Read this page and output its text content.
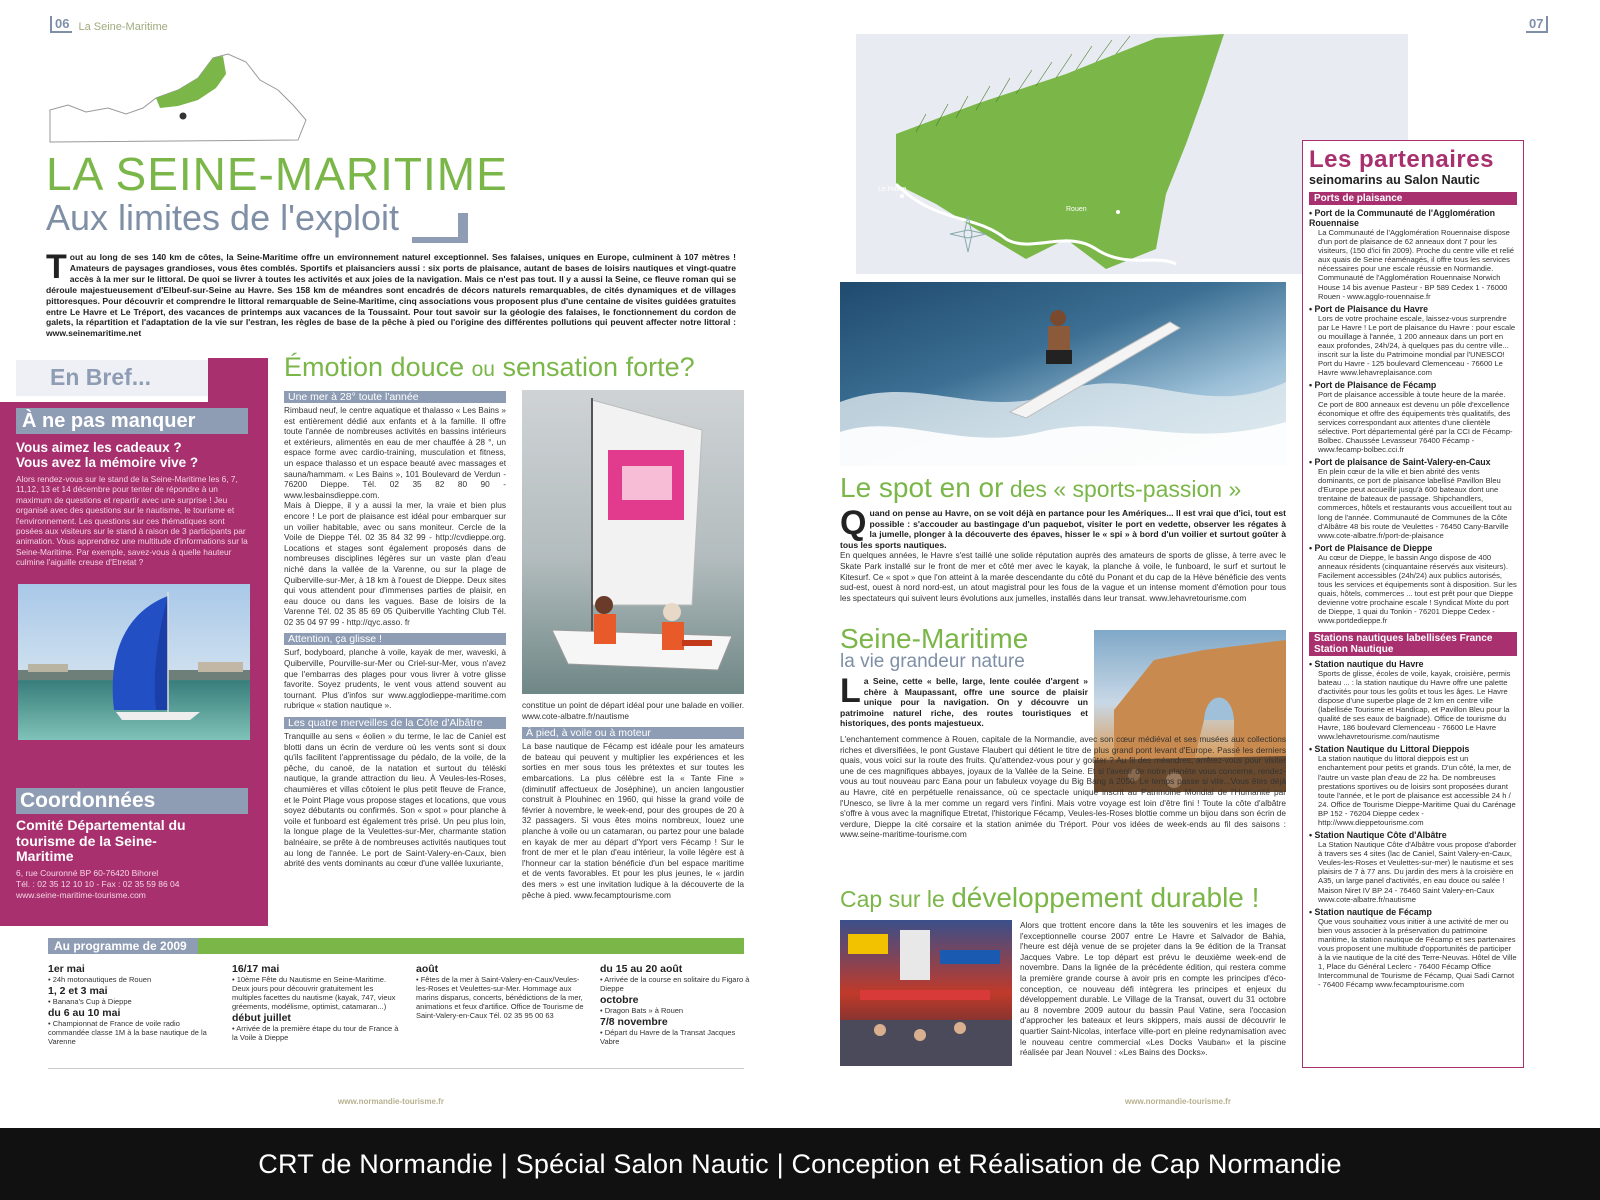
06 La Seine-Maritime
LA SEINE-MARITIME
Aux limites de l'exploit
T out au long de ses 140 km de côtes, la Seine-Maritime offre un environnement naturel exceptionnel. Ses falaises, uniques en Europe, culminent à 107 mètres ! Amateurs de paysages grandioses, vous êtes comblés. Sportifs et plaisanciers aussi : six ports de plaisance, autant de bases de loisirs nautiques et vingt-quatre accès à la mer sur le littoral. De quoi se livrer à toutes les activités et aux joies de la navigation. Mais ce n'est pas tout. Il y a aussi la Seine, ce fleuve roman qui se déroule majestueusement d'Elbeuf-sur-Seine au Havre. Ses 158 km de méandres sont encadrés de décors naturels remarquables, de cités dynamiques et de villages pittoresques. Pour découvrir et comprendre le littoral remarquable de Seine-Maritime, cinq associations vous proposent plus d'une centaine de visites guidées gratuites entre Le Havre et Le Tréport, des vacances de printemps aux vacances de la Toussaint. Pour tout savoir sur la géologie des falaises, le fonctionnement du cordon de galets, la répartition et l'adaptation de la vie sur l'estran, les règles de base de la pêche à pied ou l'origine des différentes pollutions qui peuvent affecter notre littoral : www.seinemaritime.net
En Bref...
À ne pas manquer
Vous aimez les cadeaux ? Vous avez la mémoire vive ?
Alors rendez-vous sur le stand de la Seine-Maritime les 6, 7, 11,12, 13 et 14 décembre pour tenter de répondre à un maximum de questions et repartir avec une surprise ! Jeu organisé avec des questions sur le nautisme, le tourisme et l'environnement. Les questions sur ces thématiques sont posées aux visiteurs sur le stand à raison de 3 participants par animation. Vous apprendrez une multitude d'informations sur la Seine-Maritime. Par exemple, savez-vous à quelle hauteur culmine l'aiguille creuse d'Etretat ?
Coordonnées
Comité Départemental du tourisme de la Seine-Maritime
6, rue Couronné BP 60-76420 Bihorel
Tél. : 02 35 12 10 10 - Fax : 02 35 59 86 04
www.seine-maritime-tourisme.com
Émotion douce ou sensation forte?
Une mer à 28° toute l'année

Rimbaud neuf, le centre aquatique et thalasso « Les Bains » est entièrement dédié aux enfants et à la famille. Il offre toute l'année de nombreuses activités en bassins intérieurs et extérieurs, alimentés en eau de mer chauffée à 28 °, un espace forme avec cardio-training, musculation et fitness, un espace thalasso et un espace beauté avec massages et sauna/hammam. « Les Bains », 101 Boulevard de Verdun - 76200 Dieppe. Tél. 02 35 82 80 90 - www.lesbainsdieppe.com.

Mais à Dieppe, il y a aussi la mer, la vraie et bien plus encore ! Le port de plaisance est idéal pour embarquer sur un voilier habitable, avec ou sans moniteur. Cercle de la Voile de Dieppe Tél. 02 35 84 32 99 - http://cvdieppe.org. Locations et stages sont également proposés dans de nombreuses disciplines légères sur un vaste plan d'eau niché dans la vallée de la Varenne, ou sur la plage de Quiberville-sur-Mer, à 18 km à l'ouest de Dieppe. Deux sites qui vous attendent pour d'immenses parties de plaisir, en eau douce ou dans les vagues. Base de loisirs de la Varenne Tél. 02 35 85 69 05 Quiberville Yachting Club Tél. 02 35 04 97 99 - http://qyc.asso. fr

Attention, ça glisse !

Surf, bodyboard, planche à voile, kayak de mer, waveski, à Quiberville, Pourville-sur-Mer ou Criel-sur-Mer, vous n'avez que l'embarras des plages pour vous livrer à votre glisse favorite. Soyez prudents, le vent vous attend souvent au tournant. Plus d'infos sur www.agglodieppe-maritime.com rubrique « station nautique ».

Les quatre merveilles de la Côte d'Albâtre

Tranquille au sens « éolien » du terme, le lac de Caniel est blotti dans un écrin de verdure où les vents sont si doux qu'ils facilitent l'apprentissage du pédalo, de la voile, de la pêche, du canoë, de la natation et surtout du téléski nautique, la grande attraction du lieu. À Veules-les-Roses, chaumières et villas côtoient le plus petit fleuve de France, et le Point Plage vous propose stages et locations, que vous soyez débutants ou confirmés. Son « spot » pour planche à voile et funboard est également très prisé. Un peu plus loin, la longue plage de la Veulettes-sur-Mer, charmante station balnéaire, se prête à de nombreuses activités nautiques tout au long de l'année. Le port de Saint-Valery-en-Caux, bien abrité des vents dominants au cœur d'une vallée luxuriante,

constitue un point de départ idéal pour une balade en voilier. www.cote-albatre.fr/nautisme

À pied, à voile ou à moteur

La base nautique de Fécamp est idéale pour les amateurs de bateau qui peuvent y multiplier les expériences et les sorties en mer sous tous les prétextes et sur toutes les embarcations. La plus célèbre est la « Tante Fine » (diminutif affectueux de Joséphine), un ancien langoustier construit à Plouhinec en 1960, qui hisse la grand voile de février à novembre, le week-end, pour des groupes de 20 à 32 passagers. Si vous êtes moins nombreux, louez une planche à voile ou un catamaran, ou partez pour une balade en kayak de mer au départ d'Yport vers Fécamp ! Sur le front de mer et le plan d'eau intérieur, la voile légère est à l'honneur car la station bénéficie d'un bel espace maritime et de vents favorables. Et pour les plus jeunes, le « jardin des mers » est une invitation ludique à la découverte de la pêche à pied. www.fecamptourisme.com

Au programme de 2009
1er mai
• 24h motonautiques de Rouen
1, 2 et 3 mai
• Banana's Cup à Dieppe
du 6 au 10 mai
• Championnat de France de voile radio commandée classe 1M à la base nautique de la Varenne
16/17 mai
• 10ème Fête du Nautisme en Seine-Maritime. Deux jours pour découvrir gratuitement les multiples facettes du nautisme (kayak, 747, vieux gréements, modélisme, optimist, catamaran...)
début juillet
• Arrivée de la première étape du tour de France à la Voile à Dieppe
août
• Fêtes de la mer à Saint-Valery-en-Caux/Veules-les-Roses et Veulettes-sur-Mer. Hommage aux marins disparus, concerts, bénédictions de la mer, animations et feux d'artifice. Office de Tourisme de Saint-Valery-en-Caux Tél. 02 35 95 00 63
du 15 au 20 août
• Arrivée de la course en solitaire du Figaro à Dieppe
octobre
• Dragon Bats » à Rouen
7/8 novembre
• Départ du Havre de la Transat Jacques Vabre
www.normandie-tourisme.fr
07
Le Havre
Rouen
Le spot en or des « sports-passion »
Q uand on pense au Havre, on se voit déjà en partance pour les Amériques... Il est vrai que d'ici, tout est possible : s'accouder au bastingage d'un paquebot, visiter le port en vedette, observer les régates à la jumelle, plonger à la découverte des épaves, hisser le « spi » à bord d'un voilier et surtout goûter à tous les sports nautiques.

En quelques années, le Havre s'est taillé une solide réputation auprès des amateurs de sports de glisse, à terre avec le Skate Park installé sur le front de mer et côté mer avec le kayak, la planche à voile, le funboard, le surf et surtout le Kitesurf. Ce « spot » que l'on atteint à la marée descendante du côté du Ponant et du cap de la Hève bénéficie des vents sud-est, ouest à nord nord-est, un atout magistral pour les fous de la vague et un intense moment d'émotion pour tous les spectateurs qui suivent leurs évolutions aux jumelles, installés dans leur transat. www.lehavretourisme.com

Seine-Maritime
la vie grandeur nature
L a Seine, cette « belle, large, lente coulée d'argent » chère à Maupassant, offre une source de plaisir unique pour la navigation. On y découvre un patrimoine naturel riche, des routes touristiques et historiques, des ponts majestueux.

L'enchantement commence à Rouen, capitale de la Normandie, avec son cœur médiéval et ses musées aux collections riches et diversifiées, le pont Gustave Flaubert qui détient le titre de plus grand pont levant d'Europe. Passé les derniers quais, vous voici sur la route des fruits. Qu'attendez-vous pour y goûter ? Au fil des méandres, arrêtez-vous pour visiter une de ces magnifiques abbayes, joyaux de la Vallée de la Seine. Et si l'avenir de notre planète vous concerne, rendez-vous au tout nouveau parc Eana pour un fabuleux voyage du Big Bang à 2050. Le temps passe si vite...Vous êtes déjà au Havre, cité en perpétuelle renaissance, où ce spectacle unique inscrit au Patrimoine Mondial de l'Humanité par l'Unesco, se livre à la mer comme un regard vers l'infini. Mais votre voyage est loin d'être fini ! Toute la côte d'albâtre s'offre à vous avec la magnifique Etretat, l'historique Fécamp, Veules-les-Roses blottie comme un bijou dans son écrin de verdure, Dieppe la cité corsaire et la station animée du Tréport. Pour vos idées de week-ends au fil des saisons : www.seine-maritime-tourisme.com
Cap sur le développement durable !
Alors que trottent encore dans la tête les souvenirs et les images de l'exceptionnelle course 2007 entre Le Havre et Salvador de Bahia, l'heure est déjà venue de se projeter dans la 9e édition de la Transat Jacques Vabre. Le top départ est prévu le deuxième week-end de novembre. Dans la lignée de la précédente édition, qui restera comme la première grande course à avoir pris en compte les principes d'éco-conception, ce nouveau défi intègrera les principes et enjeux du développement durable. Le Village de la Transat, ouvert du 31 octobre au 8 novembre 2009 autour du bassin Paul Vatine, sera l'occasion d'approcher les bateaux et leurs skippers, mais aussi de découvrir le quartier Saint-Nicolas, interface ville-port en pleine redynamisation avec le nouveau centre commercial «Les Docks Vauban» et la piscine réalisée par Jean Nouvel : «Les Bains des Docks».
Les partenaires
seinomarins au Salon Nautic
Ports de plaisance
• Port de la Communauté de l'Agglomération Rouennaise
La Communauté de l'Agglomération Rouennaise dispose d'un port de plaisance de 62 anneaux dont 7 pour les visiteurs, (150 d'ici fin 2009). Proche du centre ville et relié aux quais de Seine réaménagés, il offre tous les services nécessaires pour une escale réussie en Normandie. Communauté de l'Agglomération Rouennaise Norwich House 14 bis avenue Pasteur - BP 589 Cedex 1 - 76000 Rouen - www.agglo-rouennaise.fr
• Port de Plaisance du Havre
Lors de votre prochaine escale, laissez-vous surprendre par Le Havre ! Le port de plaisance du Havre : pour escale ou mouillage à l'année, 1 200 anneaux dans un port en eaux profondes, 24h/24, à quelques pas du centre ville... inscrit sur la liste du Patrimoine mondial par l'UNESCO! Port du Havre - 125 boulevard Clemenceau - 76600 Le Havre www.lehavreplaisance.com
• Port de Plaisance de Fécamp
Port de plaisance accessible à toute heure de la marée. Ce port de 800 anneaux est devenu un pôle d'excellence économique et offre des équipements très qualitatifs, des services correspondant aux attentes d'une clientèle sélective. Port départemental géré par la CCI de Fécamp-Bolbec. Chaussée Levasseur 76400 Fécamp - www.fecamp-bolbec.cci.fr
• Port de plaisance de Saint-Valery-en-Caux
En plein cœur de la ville et bien abrité des vents dominants, ce port de plaisance labellisé Pavillon Bleu d'Europe peut accueillir jusqu'à 600 bateaux dont une trentaine de bateaux de passage. Shipchandlers, commerces, hôtels et restaurants vous accueillent tout au long de l'année. Communauté de Communes de la Côte d'Albâtre 48 bis route de Veulettes - 76450 Cany-Barville www.cote-albatre.fr/port-de-plaisance
• Port de Plaisance de Dieppe
Au cœur de Dieppe, le bassin Ango dispose de 400 anneaux résidents (cinquantaine réservés aux visiteurs). Facilement accessibles (24h/24) aux publics autorisés, tous les services et équipements sont à disposition. Sur les quais, hôtels, commerces ... tout est prêt pour que Dieppe devienne votre prochaine escale ! Syndicat Mixte du port de Dieppe, 1 quai du Tonkin - 76201 Dieppe Cedex - www.portdedieppe.fr
Stations nautiques labellisées France Station Nautique
• Station nautique du Havre
Sports de glisse, écoles de voile, kayak, croisière, permis bateau ... : la station nautique du Havre offre une palette d'activités pour tous les goûts et tous les âges. Le Havre dispose d'une superbe plage de 2 km en centre ville (labellisée Tourisme et Handicap, et Pavillon Bleu pour la qualité de ses eaux de baignade). Office de tourisme du Havre, 186 boulevard Clemenceau - 76600 Le Havre www.lehavretourisme.com/nautisme
• Station Nautique du Littoral Dieppois
La station nautique du littoral dieppois est un enchantement pour petits et grands. D'un côté, la mer, de l'autre un vaste plan d'eau de 22 ha. De nombreuses prestations sportives ou de loisirs sont proposées durant toute l'année, et le port de plaisance est accessible 24 h / 24. Office de Tourisme Dieppe-Maritime Quai du Carénage BP 152 - 76204 Dieppe cedex - http://www.dieppetourisme.com
• Station Nautique Côte d'Albâtre
La Station Nautique Côte d'Albâtre vous propose d'aborder à travers ses 4 sites (lac de Caniel, Saint Valery-en-Caux, Veules-les-Roses et Veulettes-sur-mer) le nautisme et ses plaisirs de 7 à 77 ans. Du jardin des mers à la croisière en A35, un large panel d'activités, en eau douce ou salée ! Maison Niret IV BP 24 - 76460 Saint Valery-en-Caux www.cote-albatre.fr/nautisme
• Station nautique de Fécamp
Que vous souhaitiez vous initier à une activité de mer ou bien vous associer à la préservation du patrimoine maritime, la station nautique de Fécamp et ses partenaires vous proposent une multitude d'opportunités de participer à la vie nautique de la cité des Terre-Neuvas. Hôtel de Ville 1, Place du Général Leclerc - 76400 Fécamp Office Intercommunal de Tourisme de Fécamp, Quai Sadi Carnot - 76400 Fécamp www.fecamptourisme.com
www.normandie-tourisme.fr
CRT de Normandie | Spécial Salon Nautic | Conception et Réalisation de Cap Normandie
